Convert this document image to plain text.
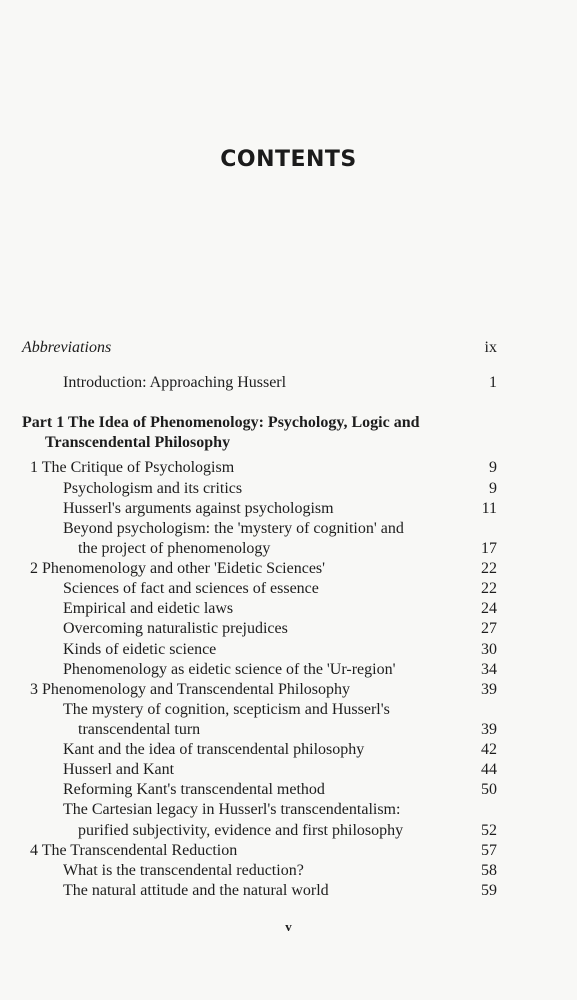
CONTENTS
Abbreviations	ix
Introduction: Approaching Husserl	1
Part 1 The Idea of Phenomenology: Psychology, Logic and
Transcendental Philosophy
1 The Critique of Psychologism	9
Psychologism and its critics	9
Husserl's arguments against psychologism	11
Beyond psychologism: the 'mystery of cognition' and
the project of phenomenology	17
2 Phenomenology and other 'Eidetic Sciences'	22
Sciences of fact and sciences of essence	22
Empirical and eidetic laws	24
Overcoming naturalistic prejudices	27
Kinds of eidetic science	30
Phenomenology as eidetic science of the 'Ur-region'	34
3 Phenomenology and Transcendental Philosophy	39
The mystery of cognition, scepticism and Husserl's
transcendental turn	39
Kant and the idea of transcendental philosophy	42
Husserl and Kant	44
Reforming Kant's transcendental method	50
The Cartesian legacy in Husserl's transcendentalism:
purified subjectivity, evidence and first philosophy	52
4 The Transcendental Reduction	57
What is the transcendental reduction?	58
The natural attitude and the natural world	59
v
